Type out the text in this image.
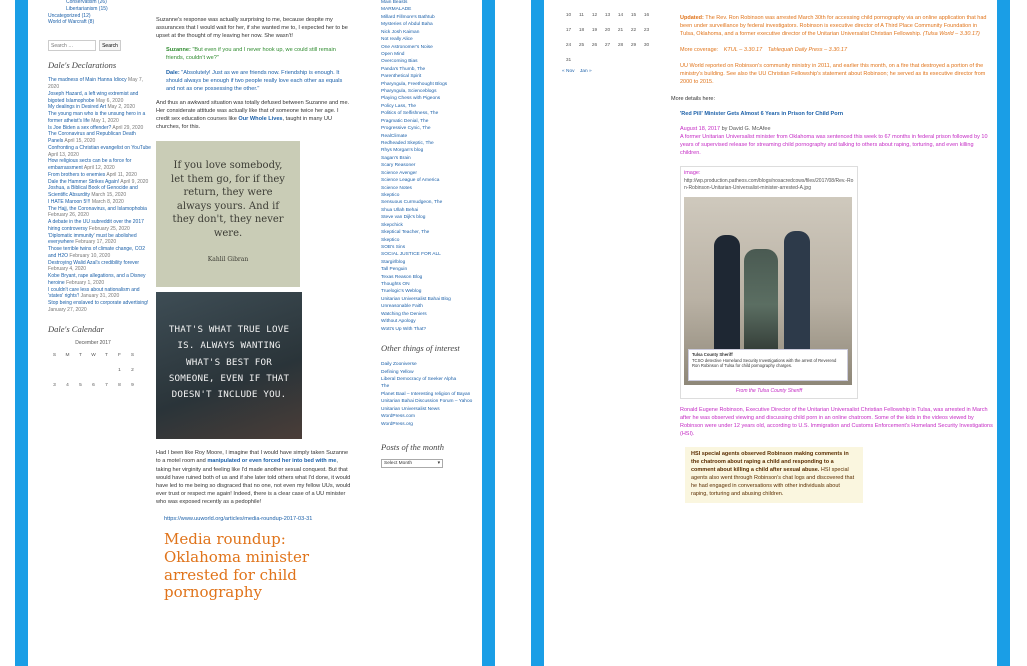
Conservatism (26)
Libertarianism (15)
Uncategorized (12)
World of Warcraft (8)
Search …
Search
Dale's Declarations
The madness of Main Hanna Idiocy May 7, 2020
Joseph Hazard, a left wing extremist and bigoted Islamophobe May 6, 2020
My dealings in Desired Art May 2, 2020
The young man who is the unsung hero in a former atheist's life May 1, 2020
Is Joe Biden a sex offender? April 29, 2020
The Coronavirus and Republican Death Panels April 15, 2020
Confronting a Christian evangelist on YouTube April 13, 2020
How religious sects can be a force for embarrassment April 12, 2020
From brothers to enemies April 11, 2020
Dale the Hammer Strikes Again! April 9, 2020
Joshua, a Biblical Book of Genocide and Scientific Absurdity March 15, 2020
I HATE Maroon 5!!! March 8, 2020
The Hajj, the Coronavirus, and Islamophobia February 26, 2020
A debate in the UU subreddit over the 2017 hiring controversy February 25, 2020
'Diplomatic immunity' must be abolished everywhere February 17, 2020
Those terrible twins of climate change, CO2 and H2O February 10, 2020
Destroying Walid Azal's credibility forever February 4, 2020
Kobe Bryant, rape allegations, and a Disney heroine February 1, 2020
I couldn't care less about nationalism and 'states' rights'! January 31, 2020
Stop being enslaved to corporate advertising! January 27, 2020
Dale's Calendar
December 2017
S	M	T	W	T	F	S
					1	2
3	4	5	6	7	8	9

Suzanne's response was actually surprising to me, because despite my assurances that I would wait for her, if she wanted me to, I expected her to be upset at the thought of my leaving her now. She wasn't!

Suzanne: "But even if you and I never hook up, we could still remain friends, couldn't we?"
Dale: "Absolutely! Just as we are friends now. Friendship is enough. It should always be enough if two people really love each other as equals and not as one possessing the other."

And thus an awkward situation was totally defused between Suzanne and me. Her considerate attitude was actually like that of someone twice her age. I credit sex education courses like Our Whole Lives, taught in many UU churches, for this.

If you love somebody, let them go, for if they return, they were always yours. And if they don't, they never were.
Kahlil Gibran
THAT'S WHAT TRUE LOVE IS. ALWAYS WANTING WHAT'S BEST FOR SOMEONE, EVEN IF THAT DOESN'T INCLUDE YOU.

Had I been like Roy Moore, I imagine that I would have simply taken Suzanne to a motel room and manipulated or even forced her into bed with me, taking her virginity and feeling like I'd made another sexual conquest. But that would have ruined both of us and if she later told others what I'd done, it would have led to me being so disgraced that no one, not even my fellow UUs, would ever trust or respect me again! Indeed, there is a clear case of a UU minister who was exposed recently as a pedophile!

https://www.uuworld.org/articles/media-roundup-2017-03-31
Media roundup: Oklahoma minister arrested for child pornography
Main Beasts
MARMALADE
Millard Fillmore's Bathtub
Mysteries of Abdul Baha
Nick Josh Kaiman
Not really Alice
One Astronomer's Noise
Open Mind
Overcoming Bias
Panda's Thumb, The
Parenthetical Spirit
Pharyngula, Freethought Blogs
Pharyngula, Scienceblogs
Playing Chess with Pigeons
Policy Lass, The
Politics of Selfishness, The
Pragmatic Denial, The
Progressive Cynic, The
RealClimate
Redheaded Skeptic, The
Rhys Morgan's blog
Sagan's Brain
Scary Reasoner
Science Avenger
Science League of America
Science Notes
Skeptico
Sensuous Curmudgeon, The
Shua Ullah Behai
Steve van Dijk's blog
Skepchick
Skeptical Teacher, The
Skeptico
SOB's Sins
SOCIAL JUSTICE FOR ALL
Stargirlblog
Tall Penguin
Texas Reason Blog
Thoughts ON
Truelogic's Weblog
Unitarian Universalist Bahai Blog
Unreasonable Faith
Watching the Deniers
Without Apology
Wott's Up With That?
Other things of interest
Daily Zooniverse
Defining Yellow
Liberal Democracy of Seeker Alpha
The
Planet Baal – Interesting religion of Bayan
Unitarian Bahai Discussion Forum – Yahoo
Unitarian Universalist News
WordPress.com
WordPress.org
Posts of the month
Select Month	▾
10	11	12	13	14	15	16
17	18	19	20	21	22	23
24	25	26	27	28	29	30
31						
« Nov Jan »

Updated: The Rev. Ron Robinson was arrested March 30th for accessing child pornography via an online application that had been under surveillance by federal investigators. Robinson is executive director of A Third Place Community Foundation in Tulsa, Oklahoma, and a former executive director of the Unitarian Universalist Christian Fellowship. (Tulsa World – 3.30.17)

More coverage: KTUL – 3.30.17 Tahlequah Daily Press – 3.30.17

UU World reported on Robinson's community ministry in 2011, and earlier this month, on a fire that destroyed a portion of the ministry's building. See also the UU Christian Fellowship's statement about Robinson; he served as its executive director from 2000 to 2015.

More details here:

'Red Pill' Minister Gets Almost 6 Years in Prison for Child Porn

August 18, 2017 by David G. McAfee

A former Unitarian Universalist minister from Oklahoma was sentenced this week to 67 months in federal prison followed by 10 years of supervised release for streaming child pornography and talking to others about raping, torturing, and even killing children.

image:
http://wp.production.patheos.com/blogs/nosacredcows/files/2017/08/Rev.-Ron-Robinson-Unitarian-Universalist-minister-arrested-A.jpg
Tulsa County Sheriff
TCSO detective Homeland Security Investigations with the arrest of Reverend Ron Robinson of Tulsa for child pornography charges.
From the Tulsa County Sheriff

Ronald Eugene Robinson, Executive Director of the Unitarian Universalist Christian Fellowship in Tulsa, was arrested in March after he was observed viewing and discussing child porn in an online chatroom. Some of the kids in the videos viewed by Robinson were under 12 years old, according to U.S. Immigration and Customs Enforcement's Homeland Security Investigations (HSI).

HSI special agents observed Robinson making comments in the chatroom about raping a child and responding to a comment about killing a child after sexual abuse. HSI special agents also went through Robinson's chat logs and discovered that he had engaged in conversations with other individuals about raping, torturing and abusing children.
